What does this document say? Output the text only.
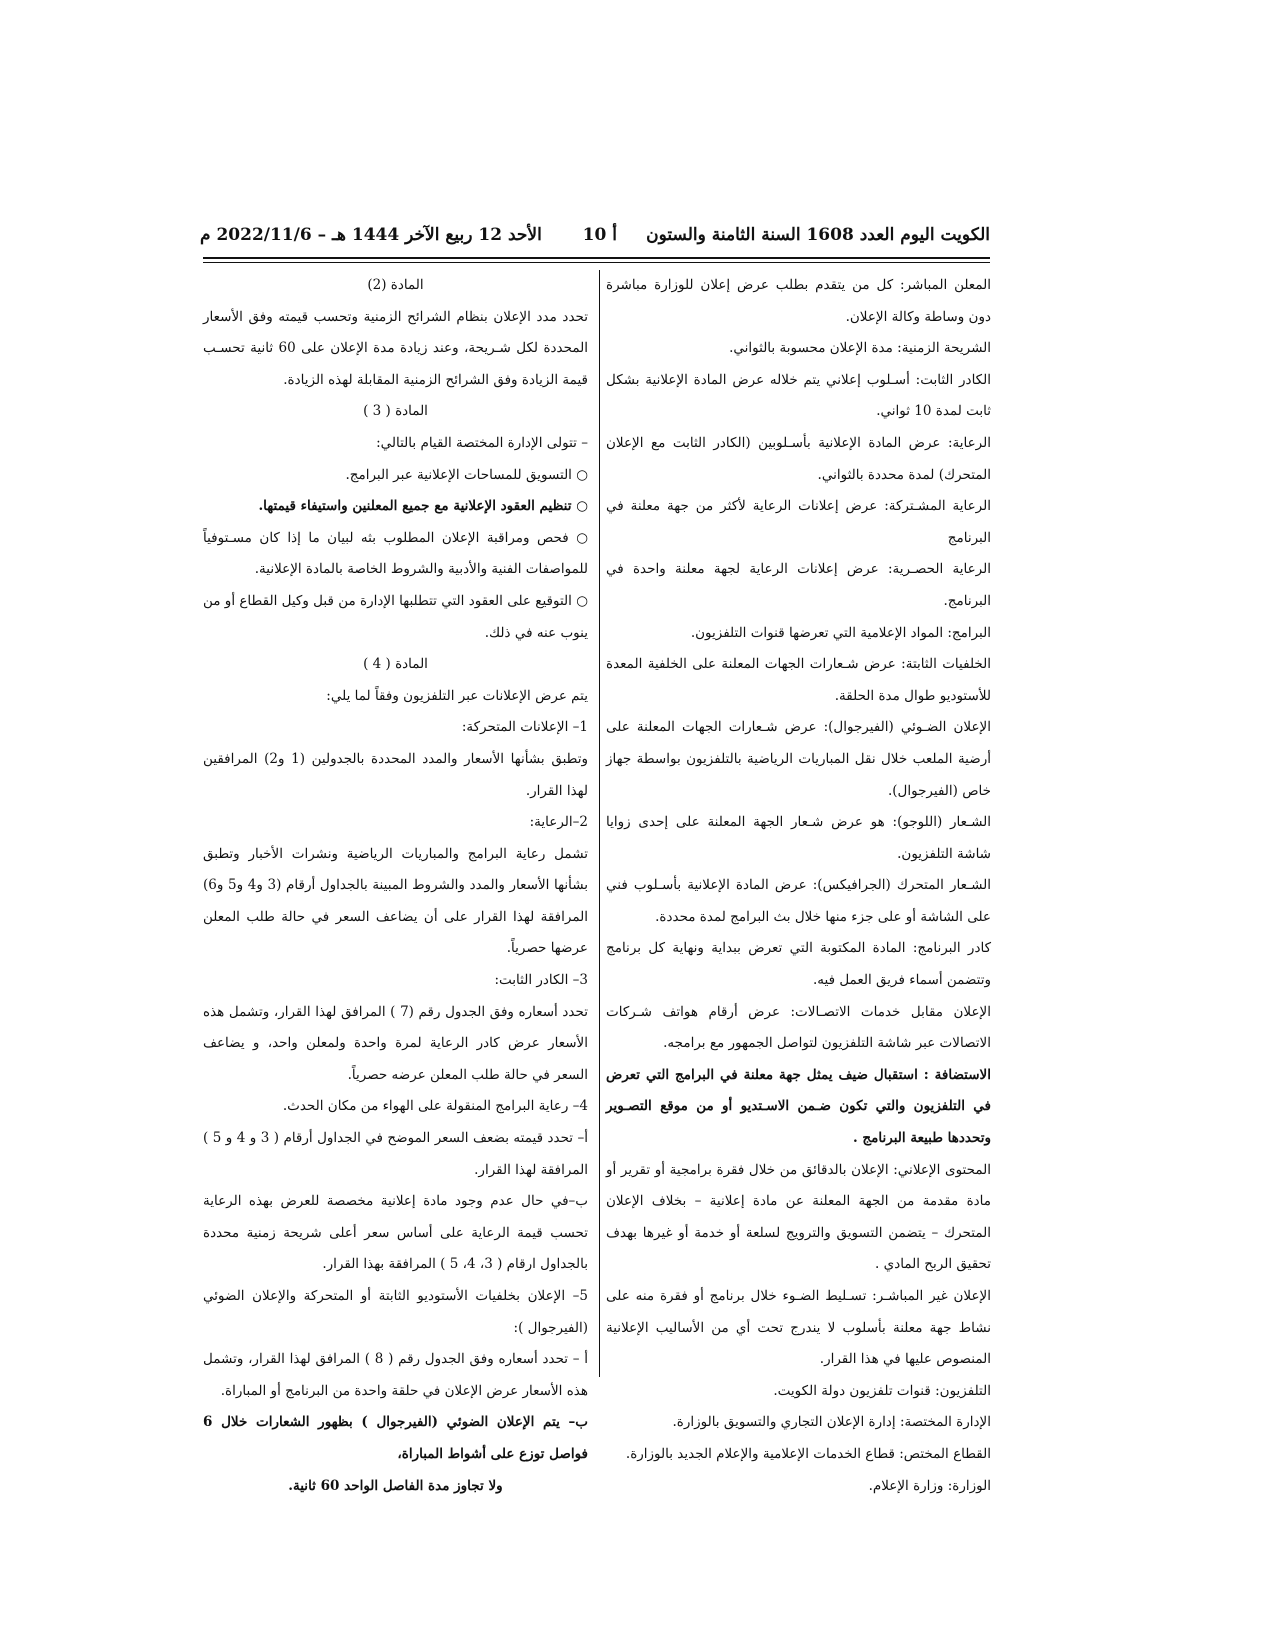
الكويت اليوم العدد 1608 السنة الثامنة والستون
أ 10
الأحد 12 ربيع الآخر 1444 هـ – 2022/11/6 م

المعلن المباشر: كل من يتقدم بطلب عرض إعلان للوزارة مباشرة دون وساطة وكالة الإعلان.

الشريحة الزمنية: مدة الإعلان محسوبة بالثواني.

الكادر الثابت: أسـلوب إعلاني يتم خلاله عرض المادة الإعلانية بشكل ثابت لمدة 10 ثواني.

الرعاية: عرض المادة الإعلانية بأسـلوبين (الكادر الثابت مع الإعلان المتحرك) لمدة محددة بالثواني.

الرعاية المشـتركة: عرض إعلانات الرعاية لأكثر من جهة معلنة في البرنامج

الرعاية الحصـرية: عرض إعلانات الرعاية لجهة معلنة واحدة في البرنامج.

البرامج: المواد الإعلامية التي تعرضها قنوات التلفزيون.

الخلفيات الثابتة: عرض شـعارات الجهات المعلنة على الخلفية المعدة للأستوديو طوال مدة الحلقة.

الإعلان الضـوئي (الفيرجوال): عرض شـعارات الجهات المعلنة على أرضية الملعب خلال نقل المباريات الرياضية بالتلفزيون بواسطة جهاز خاص (الفيرجوال).

الشـعار (اللوجو): هو عرض شـعار الجهة المعلنة على إحدى زوايا شاشة التلفزيون.

الشـعار المتحرك (الجرافيكس): عرض المادة الإعلانية بأسـلوب فني على الشاشة أو على جزء منها خلال بث البرامج لمدة محددة.

كادر البرنامج: المادة المكتوبة التي تعرض ببداية ونهاية كل برنامج وتتضمن أسماء فريق العمل فيه.

الإعلان مقابل خدمات الاتصـالات: عرض أرقام هواتف شـركات الاتصالات عبر شاشة التلفزيون لتواصل الجمهور مع برامجه.

الاستضافة : استقبال ضيف يمثل جهة معلنة في البرامج التي تعرض في التلفزيون والتي تكون ضـمن الاسـتديو أو من موقع التصـوير وتحددها طبيعة البرنامج .

المحتوى الإعلاني: الإعلان بالدقائق من خلال فقرة برامجية أو تقرير أو مادة مقدمة من الجهة المعلنة عن مادة إعلانية – بخلاف الإعلان المتحرك – يتضمن التسويق والترويج لسلعة أو خدمة أو غيرها بهدف تحقيق الربح المادي .

الإعلان غير المباشـر: تسـليط الضـوء خلال برنامج أو فقرة منه على نشاط جهة معلنة بأسلوب لا يندرج تحت أي من الأساليب الإعلانية المنصوص عليها في هذا القرار.

التلفزيون: قنوات تلفزيون دولة الكويت.

الإدارة المختصة: إدارة الإعلان التجاري والتسويق بالوزارة.

القطاع المختص: قطاع الخدمات الإعلامية والإعلام الجديد بالوزارة.

الوزارة: وزارة الإعلام.

المادة (2)

تحدد مدد الإعلان بنظام الشرائح الزمنية وتحسب قيمته وفق الأسعار المحددة لكل شـريحة، وعند زيادة مدة الإعلان على 60 ثانية تحسـب قيمة الزيادة وفق الشرائح الزمنية المقابلة لهذه الزيادة.

المادة ( 3 )

– تتولى الإدارة المختصة القيام بالتالي:

○ التسويق للمساحات الإعلانية عبر البرامج.

○ تنظيم العقود الإعلانية مع جميع المعلنين واستيفاء قيمتها.

○ فحص ومراقبة الإعلان المطلوب بثه لبيان ما إذا كان مسـتوفياً للمواصفات الفنية والأدبية والشروط الخاصة بالمادة الإعلانية.

○ التوقيع على العقود التي تتطلبها الإدارة من قبل وكيل القطاع أو من ينوب عنه في ذلك.

المادة ( 4 )

يتم عرض الإعلانات عبر التلفزيون وفقاً لما يلي:

1– الإعلانات المتحركة:

وتطبق بشأنها الأسعار والمدد المحددة بالجدولين (1 و2) المرافقين لهذا القرار.

2–الرعاية:

تشمل رعاية البرامج والمباريات الرياضية ونشرات الأخبار وتطبق بشأنها الأسعار والمدد والشروط المبينة بالجداول أرقام (3 و4 و5 و6) المرافقة لهذا القرار على أن يضاعف السعر في حالة طلب المعلن عرضها حصرياً.

3– الكادر الثابت:

تحدد أسعاره وفق الجدول رقم (7 ) المرافق لهذا القرار، وتشمل هذه الأسعار عرض كادر الرعاية لمرة واحدة ولمعلن واحد، و يضاعف السعر في حالة طلب المعلن عرضه حصرياً.

4– رعاية البرامج المنقولة على الهواء من مكان الحدث.

أ– تحدد قيمته بضعف السعر الموضح في الجداول أرقام ( 3 و 4 و 5 ) المرافقة لهذا القرار.

ب–في حال عدم وجود مادة إعلانية مخصصة للعرض بهذه الرعاية تحسب قيمة الرعاية على أساس سعر أعلى شريحة زمنية محددة بالجداول ارقام ( 3، 4، 5 ) المرافقة بهذا القرار.

5– الإعلان بخلفيات الأستوديو الثابتة أو المتحركة والإعلان الضوئي (الفيرجوال ):

أ – تحدد أسعاره وفق الجدول رقم ( 8 ) المرافق لهذا القرار، وتشمل هذه الأسعار عرض الإعلان في حلقة واحدة من البرنامج أو المباراة.

ب– يتم الإعلان الضوئي (الفيرجوال ) بظهور الشعارات خلال 6 فواصل توزع على أشواط المباراة،

ولا تجاوز مدة الفاصل الواحد 60 ثانية.
